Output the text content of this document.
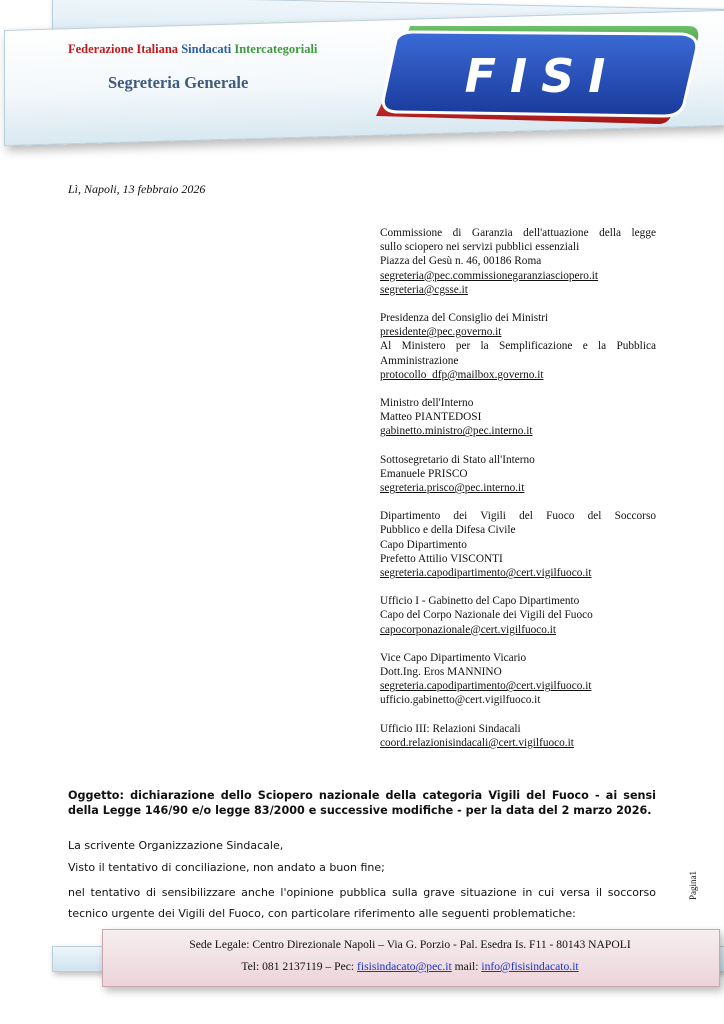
Federazione Italiana Sindacati Intercategoriali
Segreteria Generale	FISI
Lì, Napoli, 13 febbraio 2026
Commissione di Garanzia dell'attuazione della legge
sullo sciopero nei servizi pubblici essenziali
Piazza del Gesù n. 46, 00186 Roma
segreteria@pec.commissionegaranziasciopero.it
segreteria@cgsse.it
Presidenza del Consiglio dei Ministri
presidente@pec.governo.it
Al Ministero per la Semplificazione e la Pubblica
Amministrazione
protocollo_dfp@mailbox.governo.it
Ministro dell'Interno
Matteo PIANTEDOSI
gabinetto.ministro@pec.interno.it
Sottosegretario di Stato all'Interno
Emanuele PRISCO
segreteria.prisco@pec.interno.it
Dipartimento dei Vigili del Fuoco del Soccorso
Pubblico e della Difesa Civile
Capo Dipartimento
Prefetto Attilio VISCONTI
segreteria.capodipartimento@cert.vigilfuoco.it
Ufficio I - Gabinetto del Capo Dipartimento
Capo del Corpo Nazionale dei Vigili del Fuoco
capocorponazionale@cert.vigilfuoco.it
Vice Capo Dipartimento Vicario
Dott.Ing. Eros MANNINO
segreteria.capodipartimento@cert.vigilfuoco.it
ufficio.gabinetto@cert.vigilfuoco.it
Ufficio III: Relazioni Sindacali
coord.relazionisindacali@cert.vigilfuoco.it
Oggetto: dichiarazione dello Sciopero nazionale della categoria Vigili del Fuoco - ai sensi della Legge 146/90 e/o legge 83/2000 e successive modifiche - per la data del 2 marzo 2026.
La scrivente Organizzazione Sindacale,
Visto il tentativo di conciliazione, non andato a buon fine;
nel tentativo di sensibilizzare anche l'opinione pubblica sulla grave situazione in cui versa il soccorso tecnico urgente dei Vigili del Fuoco, con particolare riferimento alle seguenti problematiche:
Pagina1
Sede Legale: Centro Direzionale Napoli – Via G. Porzio - Pal. Esedra Is. F11 - 80143 NAPOLI
Tel: 081 2137119 – Pec: fisisindacato@pec.it mail: info@fisisindacato.it
